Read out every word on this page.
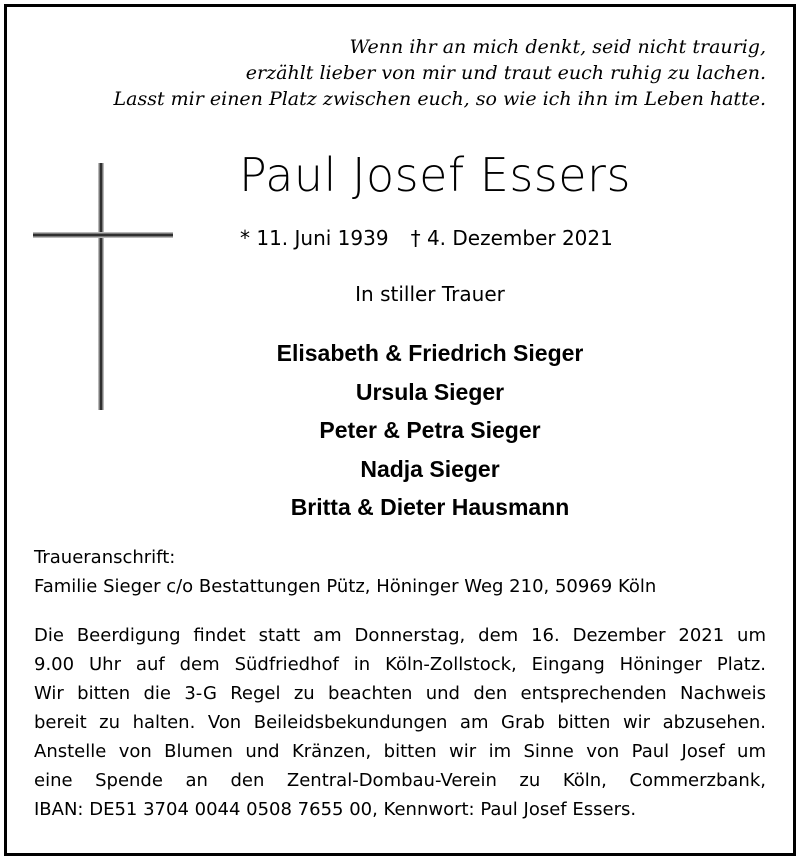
Wenn ihr an mich denkt, seid nicht traurig,
erzählt lieber von mir und traut euch ruhig zu lachen.
Lasst mir einen Platz zwischen euch, so wie ich ihn im Leben hatte.
Paul Josef Essers
* 11. Juni 1939 † 4. Dezember 2021
In stiller Trauer
Elisabeth & Friedrich Sieger
Ursula Sieger
Peter & Petra Sieger
Nadja Sieger
Britta & Dieter Hausmann
Traueranschrift:
Familie Sieger c/o Bestattungen Pütz, Höninger Weg 210, 50969 Köln
Die Beerdigung findet statt am Donnerstag, dem 16. Dezember 2021 um
9.00 Uhr auf dem Südfriedhof in Köln-Zollstock, Eingang Höninger Platz.
Wir bitten die 3-G Regel zu beachten und den entsprechenden Nachweis
bereit zu halten. Von Beileidsbekundungen am Grab bitten wir abzusehen.
Anstelle von Blumen und Kränzen, bitten wir im Sinne von Paul Josef um
eine Spende an den Zentral-Dombau-Verein zu Köln, Commerzbank,
IBAN: DE51 3704 0044 0508 7655 00, Kennwort: Paul Josef Essers.
